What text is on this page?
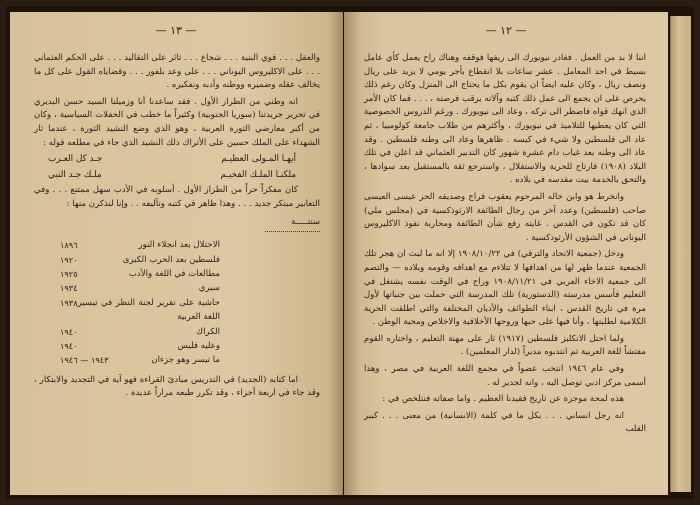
— ١٣ —

والعقل . . . قوي البنية . . . شجاع . . . ثائر على التقاليد . . . على الحكم العثماني . . . على الاكليروس اليوناني . . . على وعد بلفور . . . وقضاياه القول على كل ما يخالف عقله وضميره ووطنه وأدبه ونفكيره .

انه وطني من الطراز الأول . فقد ساعدنا أنا وزميلنا السيد حسن البديري في تحرير جريدتنا (سوريا الجنوبية) وكثيراً ما خطب في الحفلات السياسية ، وكان من أكبر معارضي الثورة العربية ، وهو الذي وضع النشيد الثورة ، عندما ثار الشهداء على الملك حسين على الأتراك ذلك النشيد الذي جاء في مطلعه قوله :

أيهـا المـولى العظيـم
جـد كل العـرب
ملكنـا الملـك الفخيـم
ملـك جـد النبي

كان مفكراً حراً من الطراز الأول . أسلوبه في الأدب سهل ممتنع . . . وفي التعابير مبتكر جديد . . . وهذا ظاهر في كتبه وتآليفه . . وإنا لنذكرن منها :

سنتـــــة
الاحتلال بعد انجلاء النور
١٨٩٦
فلسطين بعد الحرب الكبرى
١٩٢٠
مطالعات في اللغة والأدب
١٩٢٥
سيري
١٩٣٤
حاشية على تقرير لجنة النظر في تيسير اللغة العربية
١٩٣٨
الكراك
١٩٤٠
وعليه فليس
١٩٤٠
ما تيسر وهو جزءان
١٩٤٣ — ١٩٤٦

اما كتابه (الجديد) في التدريس مبادئ القراءة فهو آية في التجديد والابتكار ، وقد جاء في اربعة أجزاء ، وقد تكرر طبعه مراراً عديدة .

— ١٢ —

اننا لا بد من العمل . فغادر نيويورك الى ريفها فوقفه وهناك راح يعمل كأي عامل بسيط في احد المعامل . عشر ساعات بلا انقطاع بأجر يومي لا يزيد على ريال ونصف ريال ، وكان عليه ايضاً ان يقوم بكل ما يحتاج الى المنزل وكان رغم ذلك يحرص على ان يجمع الى عمل ذلك كتبه وآلاته يرقب فرصته ، . . . فما كان الأمر الذي انهك قواه فاضطر الى تركه ، وعاد الى نيويورك . ورغم الدروس الخصوصية التي كان يعطيها للتلاميذ في نيويورك ، وأكثرهم من طلاب جامعة كولومبيا ، ثم عاد الى فلسطين ولا شيء في كيسه . ظاهرها وعاد الى وطنه فلسطين . وقد عاد الى وطنه بعد غياب دام عشرة شهور كان التدبير العثماني قد اعلن في تلك البلاد (١٩٠٨) فارتاح للحرية والاستقلال ، واسترجع ثقة بالمستقبل بعد سوادها ، والتحق بالخدمة بيت مقدسه في بلاده .

وانخرط هو وابن خاله المرحوم يعقوب فراج وصديقه الحر عيسى العيسى صاحب (فلسطين) وعدد آخر من رجال الطائفة الارثوذكسية في (مجلس ملي) كان قد تكون في القدس . غايته رفع شأن الطائفة ومحاربة نفوذ الاكليروس اليوناني في الشؤون الأرثوذكسية .

ودخل (جمعية الاتحاد والترقي) في ١٩٠٨/١٠/٢٢ إلا انه ما لبث ان هجر تلك الجمعية عندما ظهر لها من اهدافها لا تتلاءم مع اهدافه وقومه وبلاده — والتصم الى جمعية الاخاء العربي في ١٩٠٨/١١/٢١ وراح في الوقت نفسه يشتغل في التعليم فأسس مدرسته (الدستورية) تلك المدرسة التي حملت بين جنباتها لأول مرة في تاريخ القدس ، ابناء الطوائف والأديان المختلفة والتي اطلقت الحرية الكلامية لطلبتها ، وأنا فيها على حبها وروحها الأخلاقية والاخلاص ومحبة الوطن .

ولما احتل الانكليز فلسطين (١٩١٧) ثار على مهنة التعليم ، واختاره القوم مفتشاً للغة العربية ثم انتدبوه مديراً (لدار المعلمين) .

وفي عام ١٩٤٦ انتخب عضواً في مجمع اللغة العربية في مصر ، وهذا أسمى مركز ادبي توصل اليه ، وانه لجدير له .

هذه لمحة موجزة عن تاريخ فقيدنا العظيم . واما صفاته فنتلخص في :

انه رجل انساني . . . بكل ما في كلمة (الانسانية) من معنى . . . كبير القلب
